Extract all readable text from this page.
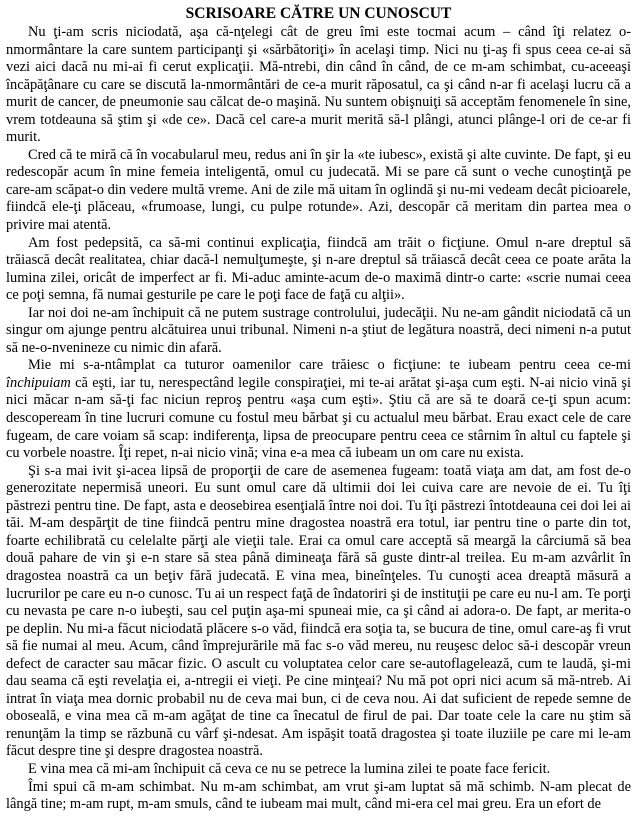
SCRISOARE CĂTRE UN CUNOSCUT

Nu ţi-am scris niciodată, aşa că-nţelegi cât de greu îmi este tocmai acum – când îţi relatez o-nmormântare la care suntem participanţi şi «sărbătoriţi» în acelaşi timp. Nici nu ţi-aş fi spus ceea ce-ai să vezi aici dacă nu mi-ai fi cerut explicaţii. Mă-ntrebi, din când în când, de ce m-am schimbat, cu-aceeaşi încăpăţânare cu care se discută la-nmormântări de ce-a murit răposatul, ca şi când n-ar fi acelaşi lucru că a murit de cancer, de pneumonie sau călcat de-o maşină. Nu suntem obişnuiţi să acceptăm fenomenele în sine, vrem totdeauna să ştim şi «de ce». Dacă cel care-a murit merită să-l plângi, atunci plânge-l ori de ce-ar fi murit.

Cred că te miră că în vocabularul meu, redus ani în şir la «te iubesc», există şi alte cuvinte. De fapt, şi eu redescopăr acum în mine femeia inteligentă, omul cu judecată. Mi se pare că sunt o veche cunoştinţă pe care-am scăpat-o din vedere multă vreme. Ani de zile mă uitam în oglindă şi nu-mi vedeam decât picioarele, fiindcă ele-ţi plăceau, «frumoase, lungi, cu pulpe rotunde». Azi, descopăr că meritam din partea mea o privire mai atentă.

Am fost pedepsită, ca să-mi continui explicaţia, fiindcă am trăit o ficţiune. Omul n-are dreptul să trăiască decât realitatea, chiar dacă-l nemulţumeşte, şi n-are dreptul să trăiască decât ceea ce poate arăta la lumina zilei, oricât de imperfect ar fi. Mi-aduc aminte-acum de-o maximă dintr-o carte: «scrie numai ceea ce poţi semna, fă numai gesturile pe care le poţi face de faţă cu alţii».

Iar noi doi ne-am închipuit că ne putem sustrage controlului, judecăţii. Nu ne-am gândit niciodată că un singur om ajunge pentru alcătuirea unui tribunal. Nimeni n-a ştiut de legătura noastră, deci nimeni n-a putut să ne-o-nvenineze cu nimic din afară.

Mie mi s-a-ntâmplat ca tuturor oamenilor care trăiesc o ficţiune: te iubeam pentru ceea ce-mi închipuiam că eşti, iar tu, nerespectând legile conspiraţiei, mi te-ai arătat şi-aşa cum eşti. N-ai nicio vină şi nici măcar n-am să-ţi fac niciun reproş pentru «aşa cum eşti». Ştiu că are să te doară ce-ţi spun acum: descopeream în tine lucruri comune cu fostul meu bărbat şi cu actualul meu bărbat. Erau exact cele de care fugeam, de care voiam să scap: indiferenţa, lipsa de preocupare pentru ceea ce stârnim în altul cu faptele şi cu vorbele noastre. Îţi repet, n-ai nicio vină; vina e-a mea că iubeam un om care nu exista.

Şi s-a mai ivit şi-acea lipsă de proporţii de care de asemenea fugeam: toată viaţa am dat, am fost de-o generozitate nepermisă uneori. Eu sunt omul care dă ultimii doi lei cuiva care are nevoie de ei. Tu îţi păstrezi pentru tine. De fapt, asta e deosebirea esenţială între noi doi. Tu îţi păstrezi întotdeauna cei doi lei ai tăi. M-am despărţit de tine fiindcă pentru mine dragostea noastră era totul, iar pentru tine o parte din tot, foarte echilibrată cu celelalte părţi ale vieţii tale. Erai ca omul care acceptă să meargă la cârciumă să bea două pahare de vin şi e-n stare să stea până dimineaţa fără să guste dintr-al treilea. Eu m-am azvârlit în dragostea noastră ca un beţiv fără judecată. E vina mea, bineînţeles. Tu cunoşti acea dreaptă măsură a lucrurilor pe care eu n-o cunosc. Tu ai un respect faţă de îndatoriri şi de instituţii pe care eu nu-l am. Te porţi cu nevasta pe care n-o iubeşti, sau cel puţin aşa-mi spuneai mie, ca şi când ai adora-o. De fapt, ar merita-o pe deplin. Nu mi-a făcut niciodată plăcere s-o văd, fiindcă era soţia ta, se bucura de tine, omul care-aş fi vrut să fie numai al meu. Acum, când împrejurările mă fac s-o văd mereu, nu reuşesc deloc să-i descopăr vreun defect de caracter sau măcar fizic. O ascult cu voluptatea celor care se-autoflagelează, cum te laudă, şi-mi dau seama că eşti revelaţia ei, a-ntregii ei vieţi. Pe cine minţeai? Nu mă pot opri nici acum să mă-ntreb. Ai intrat în viaţa mea dornic probabil nu de ceva mai bun, ci de ceva nou. Ai dat suficient de repede semne de oboseală, e vina mea că m-am agăţat de tine ca înecatul de firul de pai. Dar toate cele la care nu ştim să renunţăm la timp se răzbună cu vârf şi-ndesat. Am ispăşit toată dragostea şi toate iluziile pe care mi le-am făcut despre tine şi despre dragostea noastră.

E vina mea că mi-am închipuit că ceva ce nu se petrece la lumina zilei te poate face fericit.

Îmi spui că m-am schimbat. Nu m-am schimbat, am vrut şi-am luptat să mă schimb. N-am plecat de lângă tine; m-am rupt, m-am smuls, când te iubeam mai mult, când mi-era cel mai greu. Era un efort de
